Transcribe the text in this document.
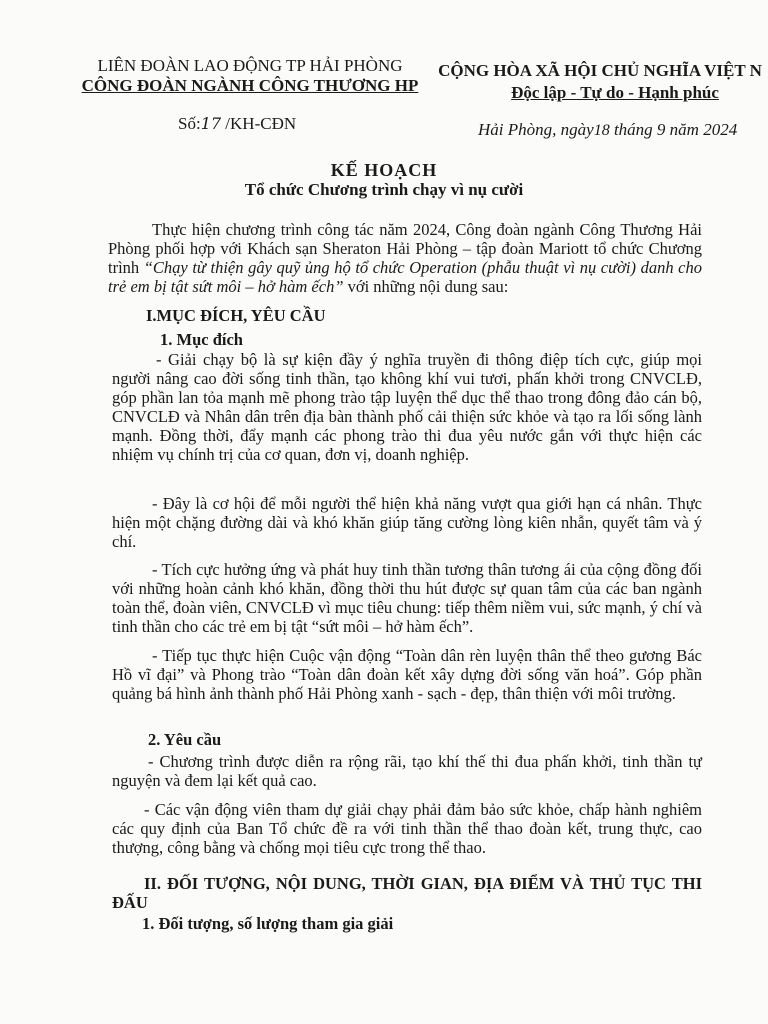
LIÊN ĐOÀN LAO ĐỘNG TP HẢI PHÒNG
CÔNG ĐOÀN NGÀNH CÔNG THƯƠNG HP
CỘNG HÒA XÃ HỘI CHỦ NGHĨA VIỆT N
Độc lập - Tự do - Hạnh phúc
Số:17 /KH-CĐN	Hải Phòng, ngày18 tháng 9 năm 2024
KẾ HOẠCH
Tổ chức Chương trình chạy vì nụ cười
Thực hiện chương trình công tác năm 2024, Công đoàn ngành Công Thương Hải Phòng phối hợp với Khách sạn Sheraton Hải Phòng – tập đoàn Mariott tổ chức Chương trình “Chạy từ thiện gây quỹ ủng hộ tổ chức Operation (phẫu thuật vì nụ cười) danh cho trẻ em bị tật sứt môi – hở hàm ếch” với những nội dung sau:
I.MỤC ĐÍCH, YÊU CẦU
1. Mục đích
- Giải chạy bộ là sự kiện đầy ý nghĩa truyền đi thông điệp tích cực, giúp mọi người nâng cao đời sống tinh thần, tạo không khí vui tươi, phấn khởi trong CNVCLĐ, góp phần lan tỏa mạnh mẽ phong trào tập luyện thể dục thể thao trong đông đảo cán bộ, CNVCLĐ và Nhân dân trên địa bàn thành phố cải thiện sức khỏe và tạo ra lối sống lành mạnh. Đồng thời, đẩy mạnh các phong trào thi đua yêu nước gắn với thực hiện các nhiệm vụ chính trị của cơ quan, đơn vị, doanh nghiệp.
- Đây là cơ hội để mỗi người thể hiện khả năng vượt qua giới hạn cá nhân. Thực hiện một chặng đường dài và khó khăn giúp tăng cường lòng kiên nhẫn, quyết tâm và ý chí.
- Tích cực hưởng ứng và phát huy tinh thần tương thân tương ái của cộng đồng đối với những hoàn cảnh khó khăn, đồng thời thu hút được sự quan tâm của các ban ngành toàn thể, đoàn viên, CNVCLĐ vì mục tiêu chung: tiếp thêm niềm vui, sức mạnh, ý chí và tinh thần cho các trẻ em bị tật “sứt môi – hở hàm ếch”.
- Tiếp tục thực hiện Cuộc vận động “Toàn dân rèn luyện thân thể theo gương Bác Hồ vĩ đại” và Phong trào “Toàn dân đoàn kết xây dựng đời sống văn hoá”. Góp phần quảng bá hình ảnh thành phố Hải Phòng xanh - sạch - đẹp, thân thiện với môi trường.
2. Yêu cầu
- Chương trình được diễn ra rộng rãi, tạo khí thế thi đua phấn khởi, tinh thần tự nguyện và đem lại kết quả cao.
- Các vận động viên tham dự giải chạy phải đảm bảo sức khỏe, chấp hành nghiêm các quy định của Ban Tổ chức đề ra với tinh thần thể thao đoàn kết, trung thực, cao thượng, công bằng và chống mọi tiêu cực trong thể thao.
II. ĐỐI TƯỢNG, NỘI DUNG, THỜI GIAN, ĐỊA ĐIỂM VÀ THỦ TỤC THI ĐẤU
1. Đối tượng, số lượng tham gia giải
